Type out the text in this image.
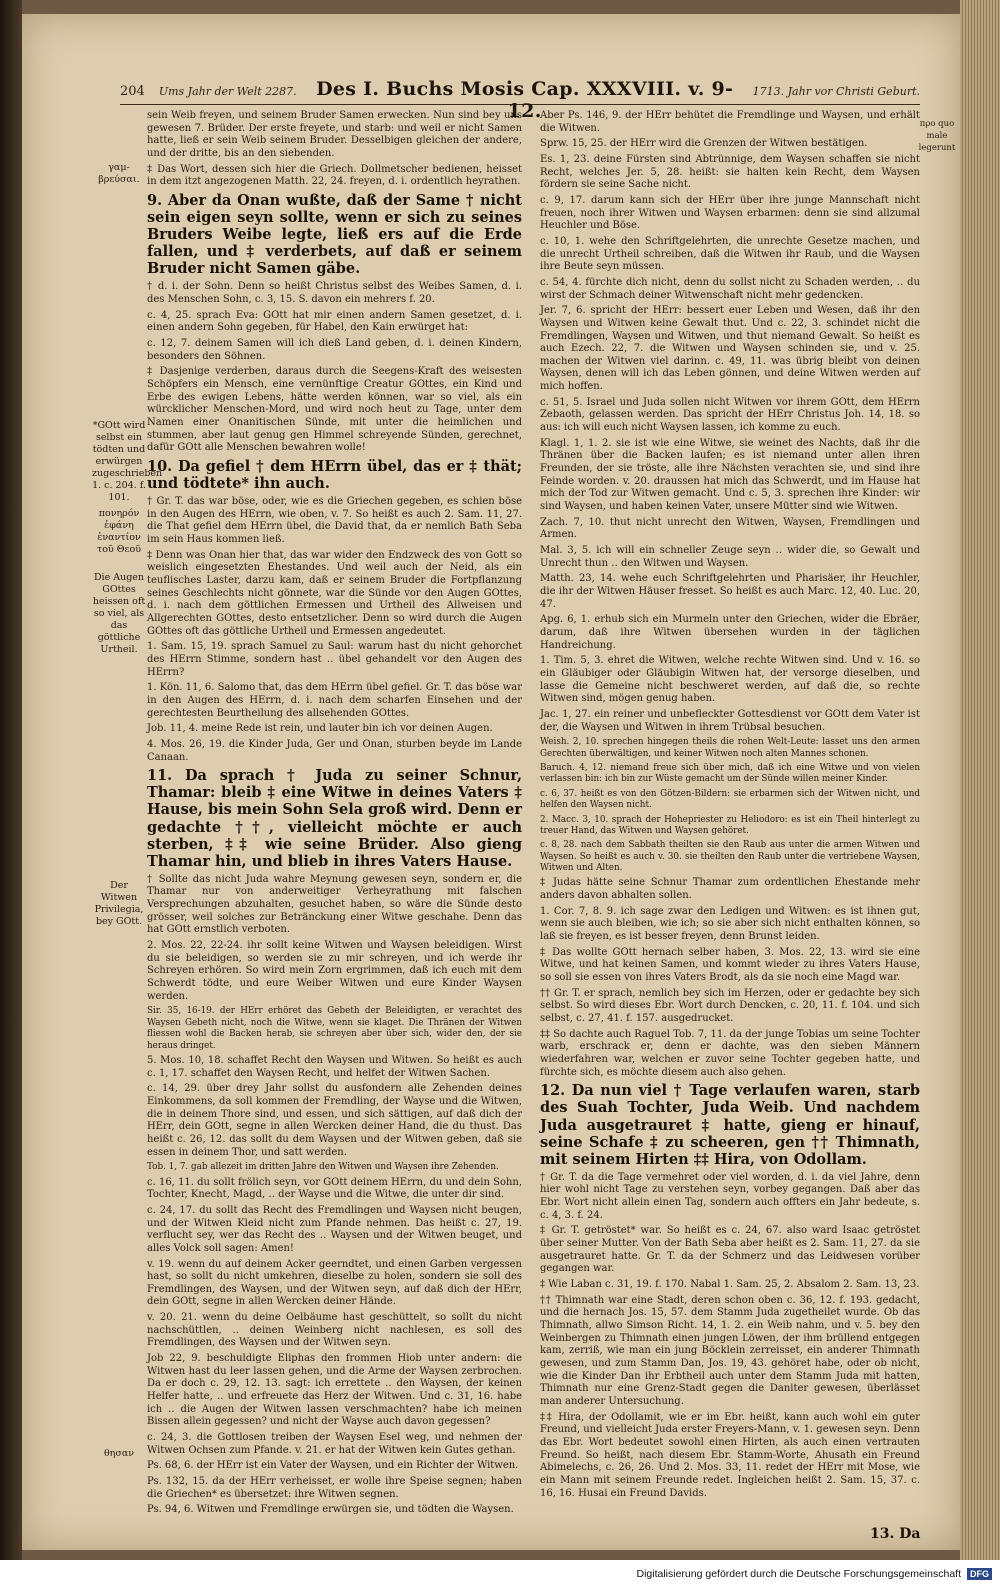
204 Ums Jahr der Welt 2287. Des I. Buchs Mosis Cap. XXXVIII. v. 9-12.
1713. Jahr vor Christi Geburt.
γαμ- βρεύσαι.
*GOtt wird selbst ein tödten und erwürgen zugeschrieben 1. c. 204. f. 101.
πονηρόν ἐφάνη ἐναντίον τοῦ Θεοῦ
Die Augen GOttes heissen oft so viel, als das göttliche Urtheil.
Der Witwen Privilegia, bey GOtt.
θησαν
προ quo male legerunt

sein Weib freyen, und seinem Bruder Samen erwecken. Nun sind bey uns gewesen 7. Brüder. Der erste freyete, und starb: und weil er nicht Samen hatte, ließ er sein Weib seinem Bruder. Desselbigen gleichen der andere, und der dritte, bis an den siebenden.

‡ Das Wort, dessen sich hier die Griech. Dollmetscher bedienen, heisset in dem itzt angezogenen Matth. 22, 24. freyen, d. i. ordentlich heyrathen.

9. Aber da Onan wußte, daß der Same † nicht sein eigen seyn sollte, wenn er sich zu seines Bruders Weibe legte, ließ ers auf die Erde fallen, und ‡ verderbets, auf daß er seinem Bruder nicht Samen gäbe.

† d. i. der Sohn. Denn so heißt Christus selbst des Weibes Samen, d. i. des Menschen Sohn, c. 3, 15. S. davon ein mehrers f. 20.

c. 4, 25. sprach Eva: GOtt hat mir einen andern Samen gesetzet, d. i. einen andern Sohn gegeben, für Habel, den Kain erwürget hat:

c. 12, 7. deinem Samen will ich dieß Land geben, d. i. deinen Kindern, besonders den Söhnen.

‡ Dasjenige verderben, daraus durch die Seegens-Kraft des weisesten Schöpfers ein Mensch, eine vernünftige Creatur GOttes, ein Kind und Erbe des ewigen Lebens, hätte werden können, war so viel, als ein würcklicher Menschen-Mord, und wird noch heut zu Tage, unter dem Namen einer Onanitischen Sünde, mit unter die heimlichen und stummen, aber laut genug gen Himmel schreyende Sünden, gerechnet, dafür GOtt alle Menschen bewahren wolle!

10. Da gefiel † dem HErrn übel, das er ‡ thät; und tödtete* ihn auch.

† Gr. T. das war böse, oder, wie es die Griechen gegeben, es schien böse in den Augen des HErrn, wie oben, v. 7. So heißt es auch 2. Sam. 11, 27. die That gefiel dem HErrn übel, die David that, da er nemlich Bath Seba im sein Haus kommen ließ.

‡ Denn was Onan hier that, das war wider den Endzweck des von Gott so weislich eingesetzten Ehestandes. Und weil auch der Neid, als ein teuflisches Laster, darzu kam, daß er seinem Bruder die Fortpflanzung seines Geschlechts nicht gönnete, war die Sünde vor den Augen GOttes, d. i. nach dem göttlichen Ermessen und Urtheil des Allweisen und Allgerechten GOttes, desto entsetzlicher. Denn so wird durch die Augen GOttes oft das göttliche Urtheil und Ermessen angedeutet.

1. Sam. 15, 19. sprach Samuel zu Saul: warum hast du nicht gehorchet des HErrn Stimme, sondern hast ‥ übel gehandelt vor den Augen des HErrn?

1. Kön. 11, 6. Salomo that, das dem HErrn übel gefiel. Gr. T. das böse war in den Augen des HErrn, d. i. nach dem scharfen Einsehen und der gerechtesten Beurtheilung des allsehenden GOttes.

Job. 11, 4. meine Rede ist rein, und lauter bin ich vor deinen Augen.

4. Mos. 26, 19. die Kinder Juda, Ger und Onan, sturben beyde im Lande Canaan.

11. Da sprach † Juda zu seiner Schnur, Thamar: bleib ‡ eine Witwe in deines Vaters ‡ Hause, bis mein Sohn Sela groß wird. Denn er gedachte ††, vielleicht möchte er auch sterben, ‡‡ wie seine Brüder. Also gieng Thamar hin, und blieb in ihres Vaters Hause.

† Sollte das nicht Juda wahre Meynung gewesen seyn, sondern er, die Thamar nur von anderweitiger Verheyrathung mit falschen Versprechungen abzuhalten, gesuchet haben, so wäre die Sünde desto grösser, weil solches zur Betränckung einer Witwe geschahe. Denn das hat GOtt ernstlich verboten.

2. Mos. 22, 22-24. ihr sollt keine Witwen und Waysen beleidigen. Wirst du sie beleidigen, so werden sie zu mir schreyen, und ich werde ihr Schreyen erhören. So wird mein Zorn ergrimmen, daß ich euch mit dem Schwerdt tödte, und eure Weiber Witwen und eure Kinder Waysen werden.

Sir. 35, 16-19. der HErr erhöret das Gebeth der Beleidigten, er verachtet des Waysen Gebeth nicht, noch die Witwe, wenn sie klaget. Die Thränen der Witwen fliessen wohl die Backen herab, sie schreyen aber über sich, wider den, der sie heraus dringet.

5. Mos. 10, 18. schaffet Recht den Waysen und Witwen. So heißt es auch c. 1, 17. schaffet den Waysen Recht, und helfet der Witwen Sachen.

c. 14, 29. über drey Jahr sollst du ausfondern alle Zehenden deines Einkommens, da soll kommen der Fremdling, der Wayse und die Witwen, die in deinem Thore sind, und essen, und sich sättigen, auf daß dich der HErr, dein GOtt, segne in allen Wercken deiner Hand, die du thust. Das heißt c. 26, 12. das sollt du dem Waysen und der Witwen geben, daß sie essen in deinem Thor, und satt werden.

Tob. 1, 7. gab allezeit im dritten Jahre den Witwen und Waysen ihre Zehenden.

c. 16, 11. du sollt frölich seyn, vor GOtt deinem HErrn, du und dein Sohn, Tochter, Knecht, Magd, ‥ der Wayse und die Witwe, die unter dir sind.

c. 24, 17. du sollt das Recht des Fremdlingen und Waysen nicht beugen, und der Witwen Kleid nicht zum Pfande nehmen. Das heißt c. 27, 19. verflucht sey, wer das Recht des ‥ Waysen und der Witwen beuget, und alles Volck soll sagen: Amen!

v. 19. wenn du auf deinem Acker geerndtet, und einen Garben vergessen hast, so sollt du nicht umkehren, dieselbe zu holen, sondern sie soll des Fremdlingen, des Waysen, und der Witwen seyn, auf daß dich der HErr, dein GOtt, segne in allen Wercken deiner Hände.

v. 20. 21. wenn du deine Oelbäume hast geschüttelt, so sollt du nicht nachschüttlen, ‥ deinen Weinberg nicht nachlesen, es soll des Fremdlingen, des Waysen und der Witwen seyn.

Job 22, 9. beschuldigte Eliphas den frommen Hiob unter andern: die Witwen hast du leer lassen gehen, und die Arme der Waysen zerbrochen. Da er doch c. 29, 12. 13. sagt: ich errettete ‥ den Waysen, der keinen Helfer hatte, ‥ und erfreuete das Herz der Witwen. Und c. 31, 16. habe ich ‥ die Augen der Witwen lassen verschmachten? habe ich meinen Bissen allein gegessen? und nicht der Wayse auch davon gegessen?

c. 24, 3. die Gottlosen treiben der Waysen Esel weg, und nehmen der Witwen Ochsen zum Pfande. v. 21. er hat der Witwen kein Gutes gethan.

Ps. 68, 6. der HErr ist ein Vater der Waysen, und ein Richter der Witwen.

Ps. 132, 15. da der HErr verheisset, er wolle ihre Speise segnen; haben die Griechen* es übersetzet: ihre Witwen segnen.

Ps. 94, 6. Witwen und Fremdlinge erwürgen sie, und tödten die Waysen.

Aber Ps. 146, 9. der HErr behütet die Fremdlinge und Waysen, und erhält die Witwen.

Sprw. 15, 25. der HErr wird die Grenzen der Witwen bestätigen.

Es. 1, 23. deine Fürsten sind Abtrünnige, dem Waysen schaffen sie nicht Recht, welches Jer. 5, 28. heißt: sie halten kein Recht, dem Waysen fördern sie seine Sache nicht.

c. 9, 17. darum kann sich der HErr über ihre junge Mannschaft nicht freuen, noch ihrer Witwen und Waysen erbarmen: denn sie sind allzumal Heuchler und Böse.

c. 10, 1. wehe den Schriftgelehrten, die unrechte Gesetze machen, und die unrecht Urtheil schreiben, daß die Witwen ihr Raub, und die Waysen ihre Beute seyn müssen.

c. 54, 4. fürchte dich nicht, denn du sollst nicht zu Schaden werden, ‥ du wirst der Schmach deiner Witwenschaft nicht mehr gedencken.

Jer. 7, 6. spricht der HErr: bessert euer Leben und Wesen, daß ihr den Waysen und Witwen keine Gewalt thut. Und c. 22, 3. schindet nicht die Fremdlingen, Waysen und Witwen, und thut niemand Gewalt. So heißt es auch Ezech. 22, 7. die Witwen und Waysen schinden sie, und v. 25. machen der Witwen viel darinn. c. 49, 11. was übrig bleibt von deinen Waysen, denen will ich das Leben gönnen, und deine Witwen werden auf mich hoffen.

c. 51, 5. Israel und Juda sollen nicht Witwen vor ihrem GOtt, dem HErrn Zebaoth, gelassen werden. Das spricht der HErr Christus Joh. 14, 18. so aus: ich will euch nicht Waysen lassen, ich komme zu euch.

Klagl. 1, 1. 2. sie ist wie eine Witwe, sie weinet des Nachts, daß ihr die Thränen über die Backen laufen; es ist niemand unter allen ihren Freunden, der sie tröste, alle ihre Nächsten verachten sie, und sind ihre Feinde worden. v. 20. draussen hat mich das Schwerdt, und im Hause hat mich der Tod zur Witwen gemacht. Und c. 5, 3. sprechen ihre Kinder: wir sind Waysen, und haben keinen Vater, unsere Mütter sind wie Witwen.

Zach. 7, 10. thut nicht unrecht den Witwen, Waysen, Fremdlingen und Armen.

Mal. 3, 5. ich will ein schneller Zeuge seyn ‥ wider die, so Gewalt und Unrecht thun ‥ den Witwen und Waysen.

Matth. 23, 14. wehe euch Schriftgelehrten und Pharisäer, ihr Heuchler, die ihr der Witwen Häuser fresset. So heißt es auch Marc. 12, 40. Luc. 20, 47.

Apg. 6, 1. erhub sich ein Murmeln unter den Griechen, wider die Ebräer, darum, daß ihre Witwen übersehen wurden in der täglichen Handreichung.

1. Tim. 5, 3. ehret die Witwen, welche rechte Witwen sind. Und v. 16. so ein Gläubiger oder Gläubigin Witwen hat, der versorge dieselben, und lasse die Gemeine nicht beschweret werden, auf daß die, so rechte Witwen sind, mögen genug haben.

Jac. 1, 27. ein reiner und unbefleckter Gottesdienst vor GOtt dem Vater ist der, die Waysen und Witwen in ihrem Trübsal besuchen.

Weish. 2, 10. sprechen hingegen theils die rohen Welt-Leute: lasset uns den armen Gerechten überwältigen, und keiner Witwen noch alten Mannes schonen.

Baruch. 4, 12. niemand freue sich über mich, daß ich eine Witwe und von vielen verlassen bin: ich bin zur Wüste gemacht um der Sünde willen meiner Kinder.

c. 6, 37. heißt es von den Götzen-Bildern: sie erbarmen sich der Witwen nicht, und helfen den Waysen nicht.

2. Macc. 3, 10. sprach der Hohepriester zu Heliodoro: es ist ein Theil hinterlegt zu treuer Hand, das Witwen und Waysen gehöret.

c. 8, 28. nach dem Sabbath theilten sie den Raub aus unter die armen Witwen und Waysen. So heißt es auch v. 30. sie theilten den Raub unter die vertriebene Waysen, Witwen und Alten.

‡ Judas hätte seine Schnur Thamar zum ordentlichen Ehestande mehr anders davon abhalten sollen.

1. Cor. 7, 8. 9. ich sage zwar den Ledigen und Witwen: es ist ihnen gut, wenn sie auch bleiben, wie ich; so sie aber sich nicht enthalten können, so laß sie freyen, es ist besser freyen, denn Brunst leiden.

‡ Das wollte GOtt hernach selber haben, 3. Mos. 22, 13. wird sie eine Witwe, und hat keinen Samen, und kommt wieder zu ihres Vaters Hause, so soll sie essen von ihres Vaters Brodt, als da sie noch eine Magd war.

†† Gr. T. er sprach, nemlich bey sich im Herzen, oder er gedachte bey sich selbst. So wird dieses Ebr. Wort durch Dencken, c. 20, 11. f. 104. und sich selbst, c. 27, 41. f. 157. ausgedrucket.

‡‡ So dachte auch Raguel Tob. 7, 11. da der junge Tobias um seine Tochter warb, erschrack er, denn er dachte, was den sieben Männern wiederfahren war, welchen er zuvor seine Tochter gegeben hatte, und fürchte sich, es möchte diesem auch also gehen.

12. Da nun viel † Tage verlaufen waren, starb des Suah Tochter, Juda Weib. Und nachdem Juda ausgetrauret ‡ hatte, gieng er hinauf, seine Schafe ‡ zu scheeren, gen †† Thimnath, mit seinem Hirten ‡‡ Hira, von Odollam.

† Gr. T. da die Tage vermehret oder viel worden, d. i. da viel Jahre, denn hier wohl nicht Tage zu verstehen seyn, vorbey gegangen. Daß aber das Ebr. Wort nicht allein einen Tag, sondern auch offters ein Jahr bedeute, s. c. 4, 3. f. 24.

‡ Gr. T. getröstet* war. So heißt es c. 24, 67. also ward Isaac getröstet über seiner Mutter. Von der Bath Seba aber heißt es 2. Sam. 11, 27. da sie ausgetrauret hatte. Gr. T. da der Schmerz und das Leidwesen vorüber gegangen war.

‡ Wie Laban c. 31, 19. f. 170. Nabal 1. Sam. 25, 2. Absalom 2. Sam. 13, 23.

†† Thimnath war eine Stadt, deren schon oben c. 36, 12. f. 193. gedacht, und die hernach Jos. 15, 57. dem Stamm Juda zugetheilet wurde. Ob das Thimnath, allwo Simson Richt. 14, 1. 2. ein Weib nahm, und v. 5. bey den Weinbergen zu Thimnath einen jungen Löwen, der ihm brüllend entgegen kam, zerriß, wie man ein jung Böcklein zerreisset, ein anderer Thimnath gewesen, und zum Stamm Dan, Jos. 19, 43. gehöret habe, oder ob nicht, wie die Kinder Dan ihr Erbtheil auch unter dem Stamm Juda mit hatten, Thimnath nur eine Grenz-Stadt gegen die Daniter gewesen, überlässet man anderer Untersuchung.

‡‡ Hira, der Odollamit, wie er im Ebr. heißt, kann auch wohl ein guter Freund, und vielleicht Juda erster Freyers-Mann, v. 1. gewesen seyn. Denn das Ebr. Wort bedeutet sowohl einen Hirten, als auch einen vertrauten Freund. So heißt, nach diesem Ebr. Stamm-Worte, Ahusath ein Freund Abimelechs, c. 26, 26. Und 2. Mos. 33, 11. redet der HErr mit Mose, wie ein Mann mit seinem Freunde redet. Ingleichen heißt 2. Sam. 15, 37. c. 16, 16. Husai ein Freund Davids.

13. Da
Digitalisierung gefördert durch die Deutsche Forschungsgemeinschaft	DFG
